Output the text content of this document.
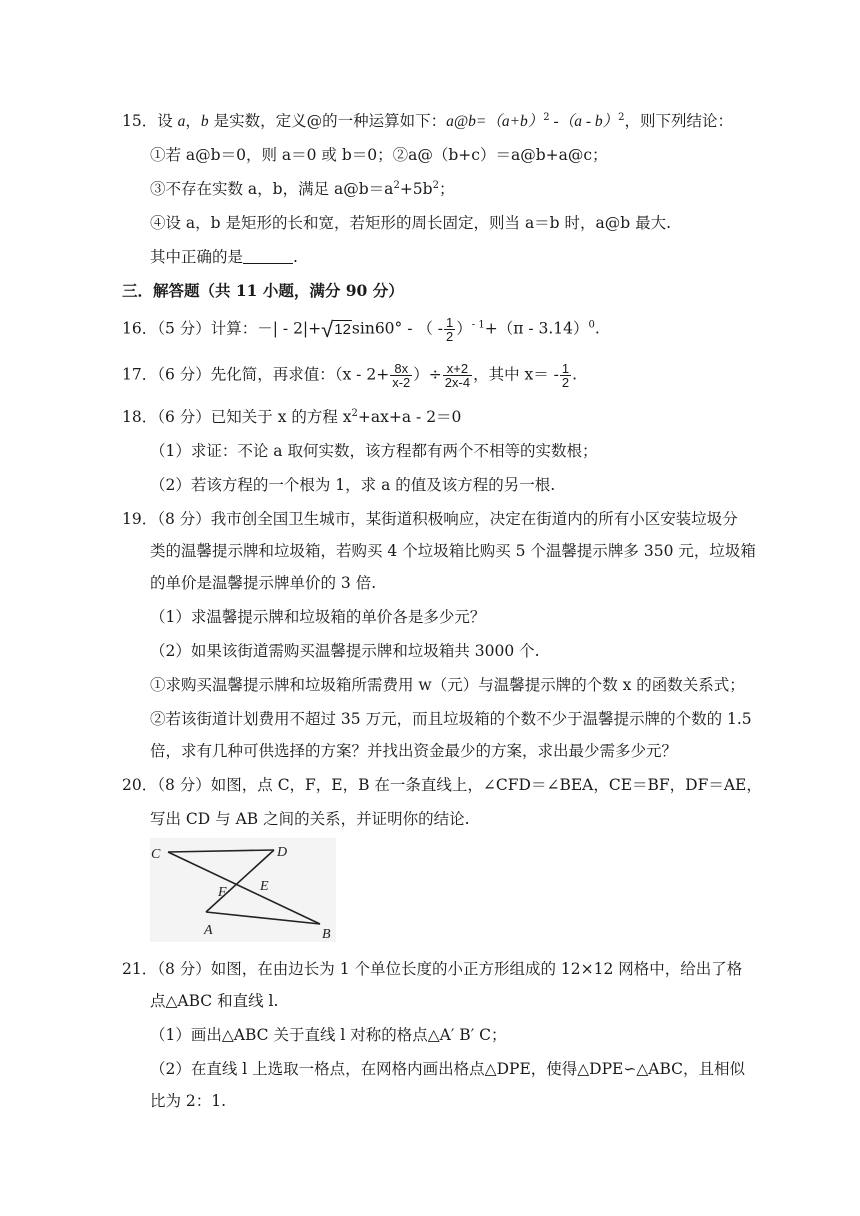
15．设 a，b 是实数，定义@的一种运算如下：$a@b=(a+b)^2$ -（a - b）$^2$，则下列结论：
①若 a@b＝0，则 a＝0 或 b＝0；②a@（b+c）＝a@b+a@c；
③不存在实数 a，b，满足 $a@b=a^2+5b^2$；
④设 a，b 是矩形的长和宽，若矩形的周长固定，则当 a＝b 时，a@b 最大.
其中正确的是	.
三．解答题（共 11 小题，满分 90 分）
16．（5 分）计算：－| - 2|+√12sin60° - （ - $\frac{1}{2} )^{- 1}+(\pi - 3.14)^0$.
17．（6 分）先化简，再求值：（$x - 2+ \frac{8x}{x-2}$ ）÷ $\frac{x+2}{2x-4}$ ，其中 $x= - \frac{1}{2}$ .
18．（6 分）已知关于 x 的方程 $x^2+ax+a - 2=0$
（1）求证：不论 a 取何实数，该方程都有两个不相等的实数根；
（2）若该方程的一个根为 1，求 a 的值及该方程的另一根.
19．（8 分）我市创全国卫生城市，某街道积极响应，决定在街道内的所有小区安装垃圾分
类的温馨提示牌和垃圾箱，若购买 4 个垃圾箱比购买 5 个温馨提示牌多 350 元，垃圾箱
的单价是温馨提示牌单价的 3 倍.
（1）求温馨提示牌和垃圾箱的单价各是多少元？
（2）如果该街道需购买温馨提示牌和垃圾箱共 3000 个.
①求购买温馨提示牌和垃圾箱所需费用 w（元）与温馨提示牌的个数 x 的函数关系式；
②若该街道计划费用不超过 35 万元，而且垃圾箱的个数不少于温馨提示牌的个数的 1.5
倍，求有几种可供选择的方案？并找出资金最少的方案，求出最少需多少元？
20．（8 分）如图，点 C，F，E，B 在一条直线上，∠CFD＝∠BEA，CE＝BF，DF＝AE，
写出 CD 与 AB 之间的关系，并证明你的结论.
C	D
F E
A	B
21．（8 分）如图，在由边长为 1 个单位长度的小正方形组成的 12×12 网格中，给出了格
点△ABC 和直线 l.
（1）画出△ABC 关于直线 l 对称的格点△A′ B′ C；
（2）在直线 l 上选取一格点，在网格内画出格点△DPE，使得△DPE∽△ABC，且相似
比为 2：1.
